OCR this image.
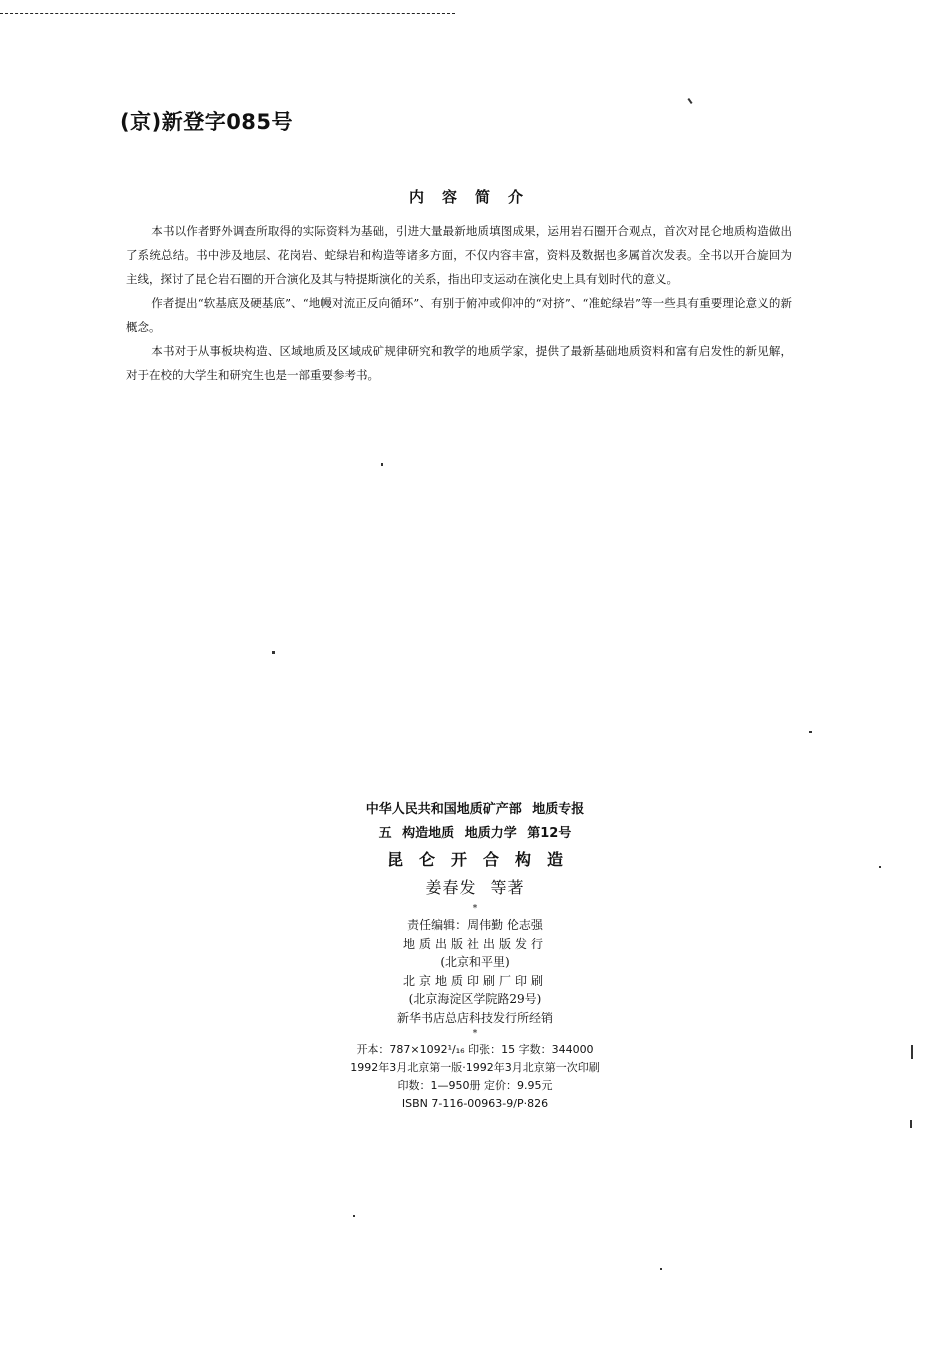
(京)新登字085号
内容简介

本书以作者野外调查所取得的实际资料为基础，引进大量最新地质填图成果，运用岩石圈开合观点，首次对昆仑地质构造做出了系统总结。书中涉及地层、花岗岩、蛇绿岩和构造等诸多方面，不仅内容丰富，资料及数据也多属首次发表。全书以开合旋回为主线，探讨了昆仑岩石圈的开合演化及其与特提斯演化的关系，指出印支运动在演化史上具有划时代的意义。

作者提出“软基底及硬基底”、“地幔对流正反向循环”、有别于俯冲或仰冲的“对挤”、“准蛇绿岩”等一些具有重要理论意义的新概念。

本书对于从事板块构造、区域地质及区域成矿规律研究和教学的地质学家，提供了最新基础地质资料和富有启发性的新见解，对于在校的大学生和研究生也是一部重要参考书。

中华人民共和国地质矿产部 地质专报
五 构造地质 地质力学 第12号
昆仑开合构造
姜春发 等著
*
责任编辑：周伟勤 伦志强
地质出版社出版发行
(北京和平里)
北京地质印刷厂印刷
(北京海淀区学院路29号)
新华书店总店科技发行所经销
*
开本：787×1092¹/₁₆ 印张：15 字数：344000
1992年3月北京第一版·1992年3月北京第一次印刷
印数：1—950册 定价：9.95元
ISBN 7-116-00963-9/P·826
